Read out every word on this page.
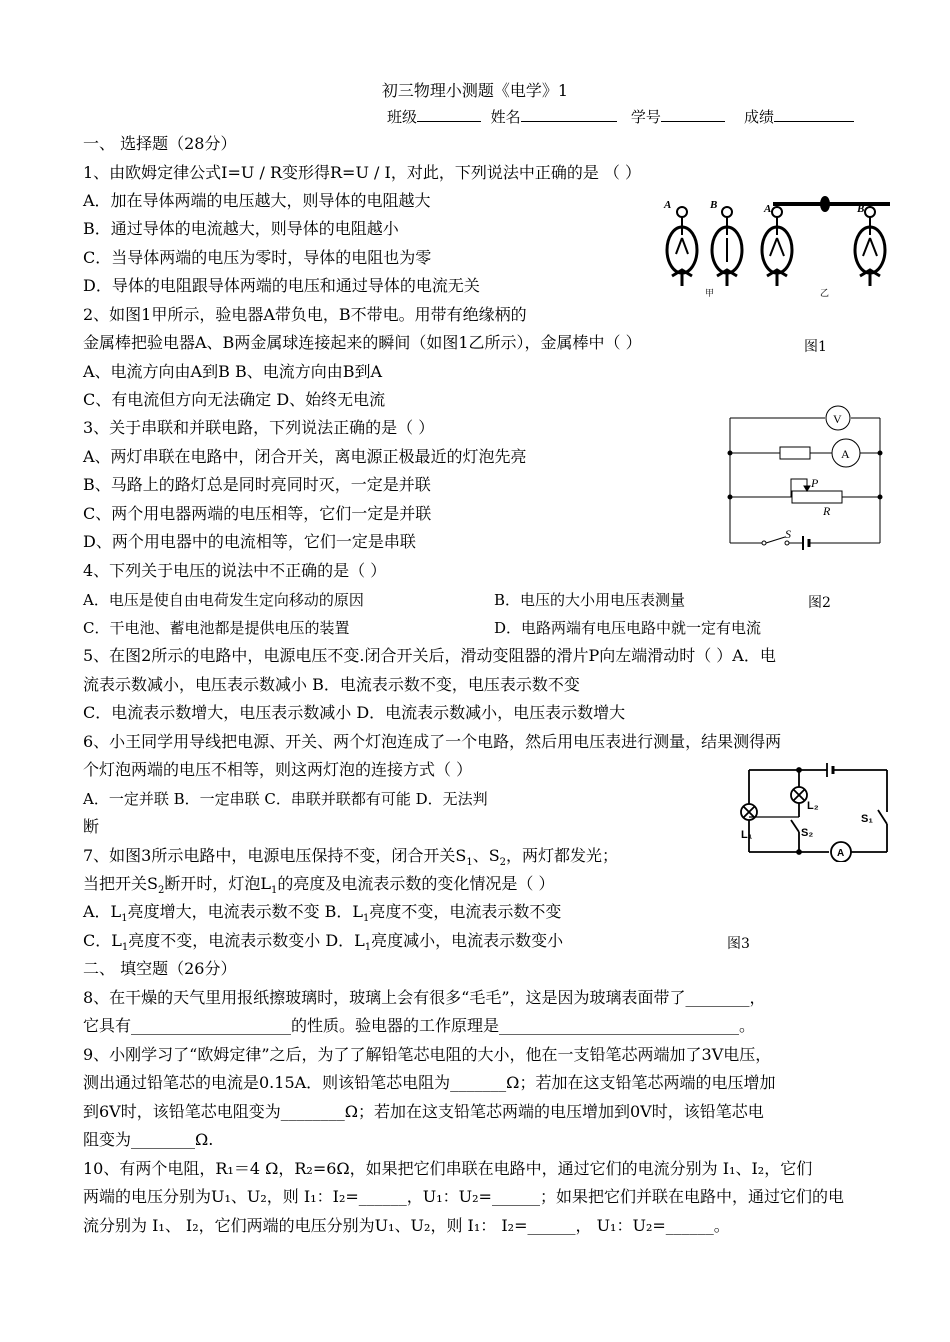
初三物理小测题《电学》1
班级	姓名	学号	成绩
一、 选择题（28分）
1、由欧姆定律公式I=U / R变形得R=U / I，对此，下列说法中正确的是 （ ）
A．加在导体两端的电压越大，则导体的电阻越大
B．通过导体的电流越大，则导体的电阻越小
C．当导体两端的电压为零时，导体的电阻也为零
D．导体的电阻跟导体两端的电压和通过导体的电流无关
2、如图1甲所示，验电器A带负电，B不带电。用带有绝缘柄的
金属棒把验电器A、B两金属球连接起来的瞬间（如图1乙所示），金属棒中（ ）	图1
A、电流方向由A到B B、电流方向由B到A
C、有电流但方向无法确定 D、始终无电流
3、关于串联和并联电路，下列说法正确的是（ ）
A、两灯串联在电路中，闭合开关，离电源正极最近的灯泡先亮
B、马路上的路灯总是同时亮同时灭，一定是并联
C、两个用电器两端的电压相等，它们一定是并联
D、两个用电器中的电流相等，它们一定是串联
4、下列关于电压的说法中不正确的是（ ）
A．电压是使自由电荷发生定向移动的原因	B．电压的大小用电压表测量	图2
C．干电池、蓄电池都是提供电压的装置	D．电路两端有电压电路中就一定有电流
5、在图2所示的电路中，电源电压不变.闭合开关后，滑动变阻器的滑片P向左端滑动时（ ）A．电
流表示数减小，电压表示数减小 B．电流表示数不变，电压表示数不变
C．电流表示数增大，电压表示数减小 D．电流表示数减小，电压表示数增大
6、小王同学用导线把电源、开关、两个灯泡连成了一个电路，然后用电压表进行测量，结果测得两
个灯泡两端的电压不相等，则这两灯泡的连接方式（ ）
A．一定并联 B．一定串联 C．串联并联都有可能 D．无法判
断
7、如图3所示电路中，电源电压保持不变，闭合开关$S_1$、$S_2$，两灯都发光；
当把开关$S_2$断开时，灯泡$L_1$的亮度及电流表示数的变化情况是（ ）
A．$L_1$亮度增大，电流表示数不变 B．$L_1$亮度不变，电流表示数不变
C．$L_1$亮度不变，电流表示数变小 D．$L_1$亮度减小，电流表示数变小	图3
二、 填空题（26分）
8、在干燥的天气里用报纸擦玻璃时，玻璃上会有很多“毛毛”，这是因为玻璃表面带了________，
它具有____________________的性质。验电器的工作原理是______________________________。
9、小刚学习了“欧姆定律”之后，为了了解铅笔芯电阻的大小，他在一支铅笔芯两端加了3V电压，
测出通过铅笔芯的电流是0.15A．则该铅笔芯电阻为_______Ω；若加在这支铅笔芯两端的电压增加
到6V时，该铅笔芯电阻变为________Ω；若加在这支铅笔芯两端的电压增加到0V时，该铅笔芯电
阻变为________Ω.
10、有两个电阻，R₁＝4 Ω，R₂=6Ω，如果把它们串联在电路中，通过它们的电流分别为 I₁、I₂，它们
两端的电压分别为U₁、U₂，则 I₁：I₂=______，U₁：U₂=______；如果把它们并联在电路中，通过它们的电
流分别为 I₁、 I₂，它们两端的电压分别为U₁、U₂，则 I₁： I₂=______， U₁：U₂=______。
A	B	A	B
甲	乙
V
A
P
R
S
A
L₁
L₂
S₂
S₁
